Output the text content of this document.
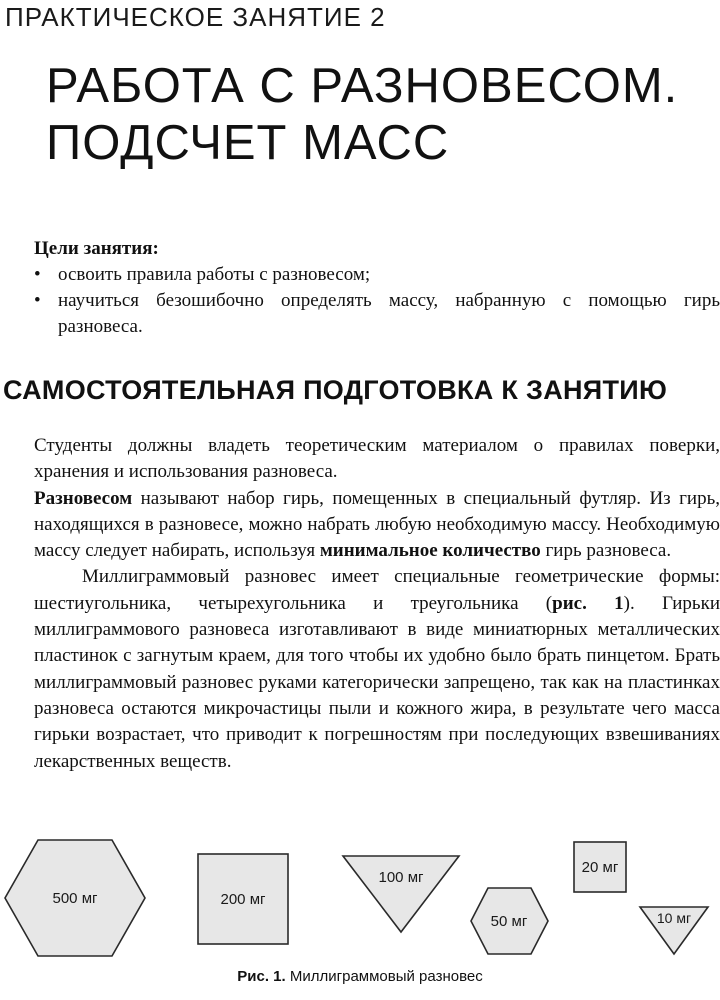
ПРАКТИЧЕСКОЕ ЗАНЯТИЕ 2
РАБОТА С РАЗНОВЕСОМ.
ПОДСЧЕТ МАСС
Цели занятия:
• освоить правила работы с разновесом;
• научиться безошибочно определять массу, набранную с помощью гирь разновеса.
САМОСТОЯТЕЛЬНАЯ ПОДГОТОВКА К ЗАНЯТИЮ

Студенты должны владеть теоретическим материалом о правилах поверки, хранения и использования разновеса.

Разновесом называют набор гирь, помещенных в специальный футляр. Из гирь, находящихся в разновесе, можно набрать любую необходимую массу. Необходимую массу следует набирать, используя минимальное количество гирь разновеса.

Миллиграммовый разновес имеет специальные геометрические формы: шестиугольника, четырехугольника и треугольника (рис. 1). Гирьки миллиграммового разновеса изготавливают в виде миниатюрных металлических пластинок с загнутым краем, для того чтобы их удобно было брать пинцетом. Брать миллиграммовый разновес руками категорически запрещено, так как на пластинках разновеса остаются микрочастицы пыли и кожного жира, в результате чего масса гирьки возрастает, что приводит к погрешностям при последующих взвешиваниях лекарственных веществ.

500 мг	200 мг
100 мг
50 мг
20 мг
10 мг
Рис. 1. Миллиграммовый разновес
